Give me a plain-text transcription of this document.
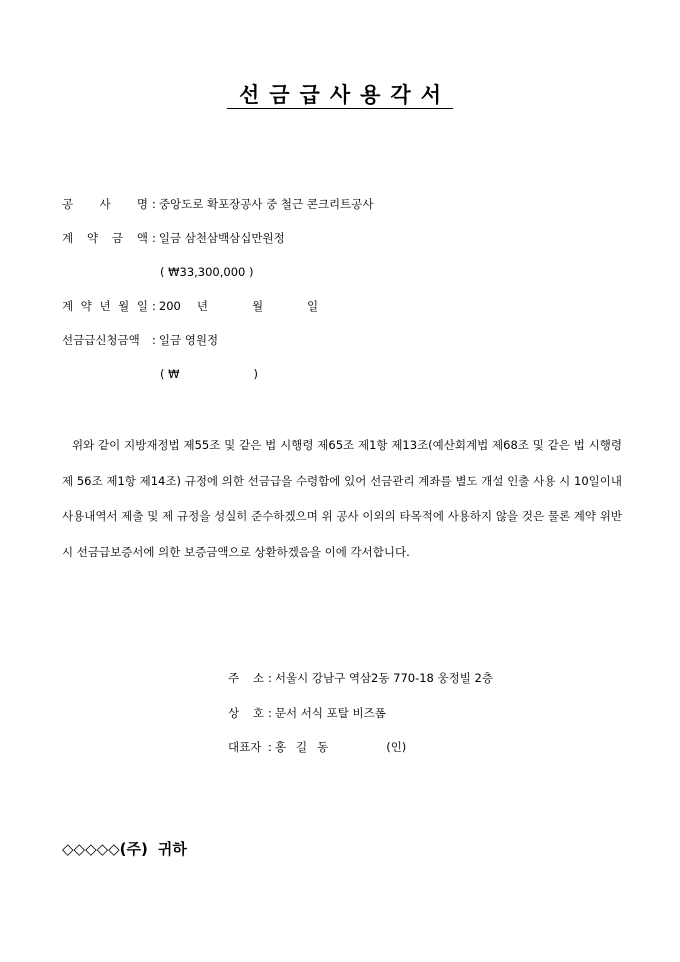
선금급사용각서
공 사 명 : 중앙도로 확포장공사 중 철근 콘크리트공사
계 약 금 액 : 일금 삼천삼백삼십만원정
( ₩33,300,000 )
계 약 년 월 일 : 200 년	월	일
선금급신청금액 : 일금 영원정
( ₩	)
위와 같이 지방재정법 제55조 및 같은 법 시행령 제65조 제1항 제13조(예산회계법 제68조 및 같은 법 시행령 제 56조 제1항 제14조) 규정에 의한 선금급을 수령함에 있어 선금관리 계좌를 별도 개설 인출 사용 시 10일이내 사용내역서 제출 및 제 규정을 성실히 준수하겠으며 위 공사 이외의 타목적에 사용하지 않을 것은 물론 계약 위반시 선금급보증서에 의한 보증금액으로 상환하겠음을 이에 각서합니다.
주 소 : 서울시 강남구 역삼2동 770-18 웅정빌 2층
상 호 : 문서 서식 포탈 비즈폼
대표자 : 홍길동	(인)
◇◇◇◇◇(주) 귀하
